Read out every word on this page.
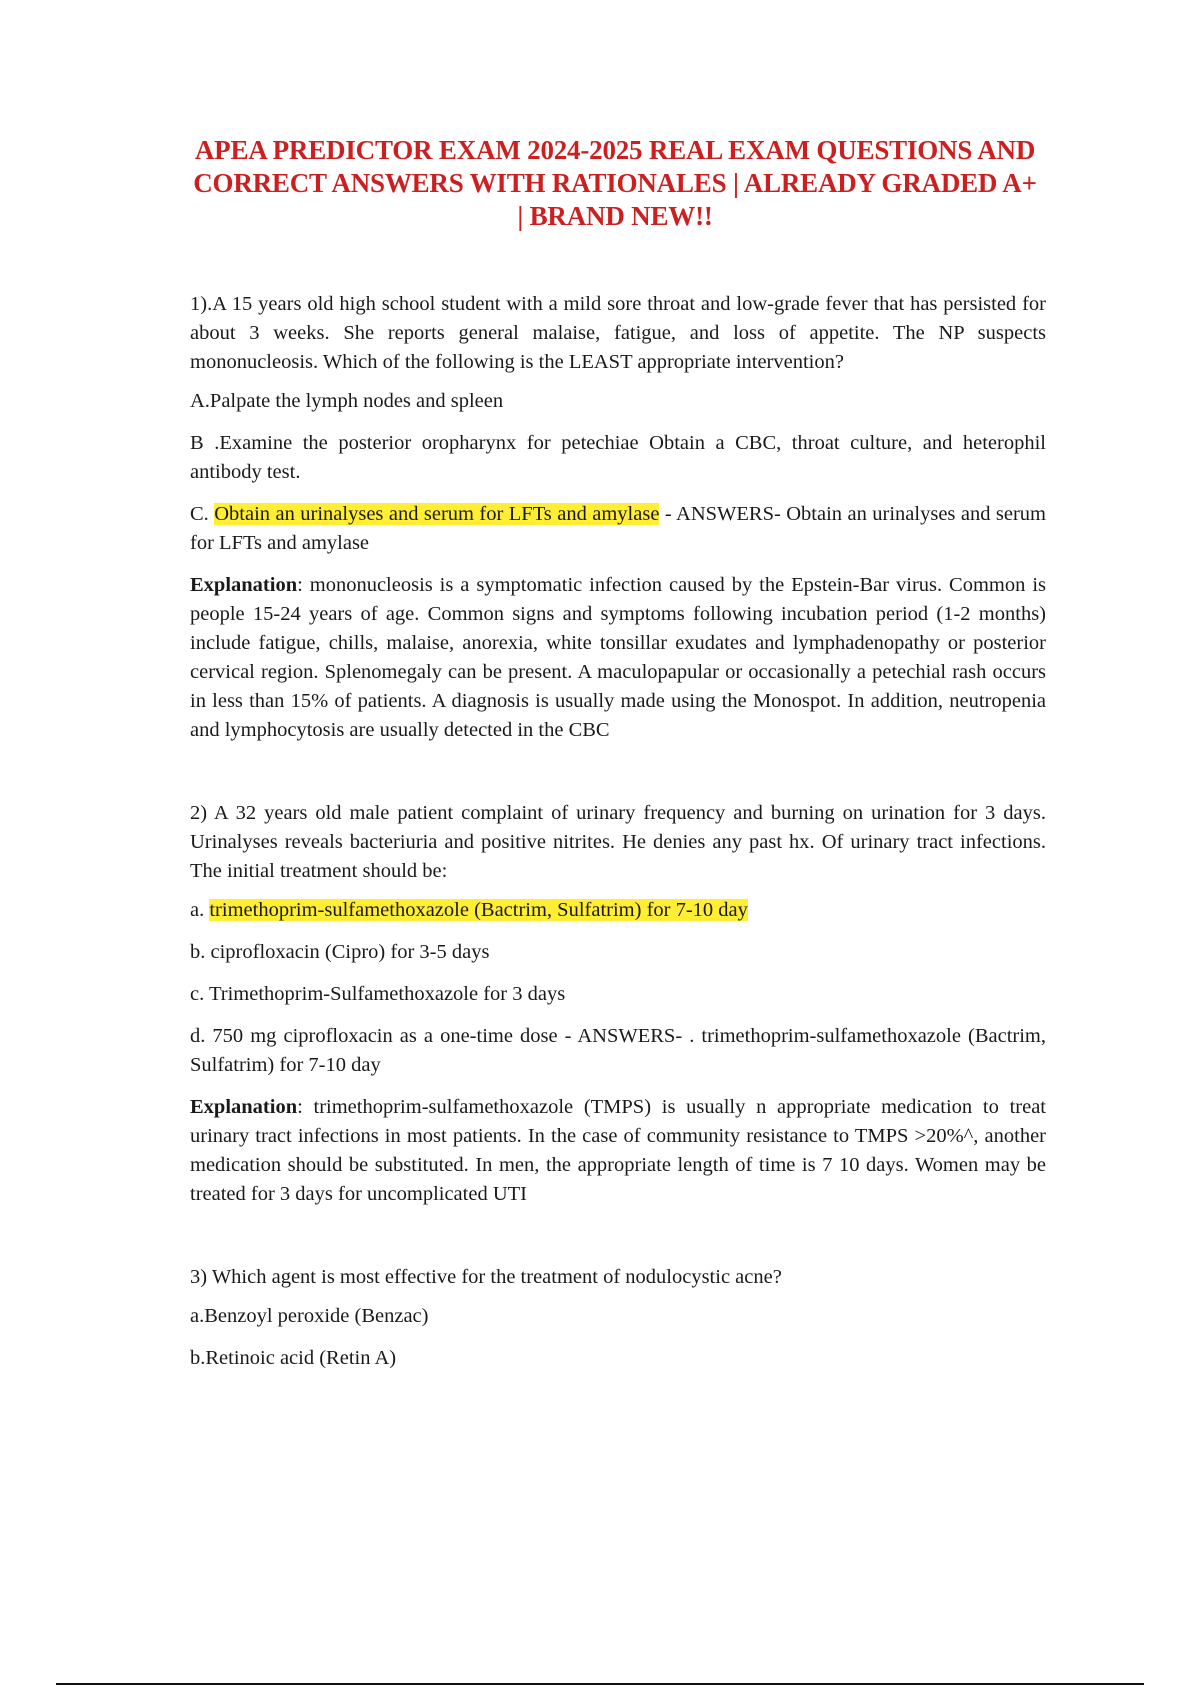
APEA PREDICTOR EXAM 2024-2025 REAL EXAM QUESTIONS AND
CORRECT ANSWERS WITH RATIONALES | ALREADY GRADED A+
| BRAND NEW!!

1).A 15 years old high school student with a mild sore throat and low-grade fever that has persisted for about 3 weeks. She reports general malaise, fatigue, and loss of appetite. The NP suspects mononucleosis. Which of the following is the LEAST appropriate intervention?

A.Palpate the lymph nodes and spleen

B .Examine the posterior oropharynx for petechiae Obtain a CBC, throat culture, and heterophil antibody test.

C. Obtain an urinalyses and serum for LFTs and amylase - ANSWERS- Obtain an urinalyses and serum for LFTs and amylase

Explanation: mononucleosis is a symptomatic infection caused by the Epstein-Bar virus. Common is people 15-24 years of age. Common signs and symptoms following incubation period (1-2 months) include fatigue, chills, malaise, anorexia, white tonsillar exudates and lymphadenopathy or posterior cervical region. Splenomegaly can be present. A maculopapular or occasionally a petechial rash occurs in less than 15% of patients. A diagnosis is usually made using the Monospot. In addition, neutropenia and lymphocytosis are usually detected in the CBC

2) A 32 years old male patient complaint of urinary frequency and burning on urination for 3 days. Urinalyses reveals bacteriuria and positive nitrites. He denies any past hx. Of urinary tract infections. The initial treatment should be:

a. trimethoprim-sulfamethoxazole (Bactrim, Sulfatrim) for 7-10 day

b. ciprofloxacin (Cipro) for 3-5 days

c. Trimethoprim-Sulfamethoxazole for 3 days

d. 750 mg ciprofloxacin as a one-time dose - ANSWERS- . trimethoprim-sulfamethoxazole (Bactrim, Sulfatrim) for 7-10 day

Explanation: trimethoprim-sulfamethoxazole (TMPS) is usually n appropriate medication to treat urinary tract infections in most patients. In the case of community resistance to TMPS >20%^, another medication should be substituted. In men, the appropriate length of time is 7 10 days. Women may be treated for 3 days for uncomplicated UTI

3) Which agent is most effective for the treatment of nodulocystic acne?

a.Benzoyl peroxide (Benzac)

b.Retinoic acid (Retin A)
